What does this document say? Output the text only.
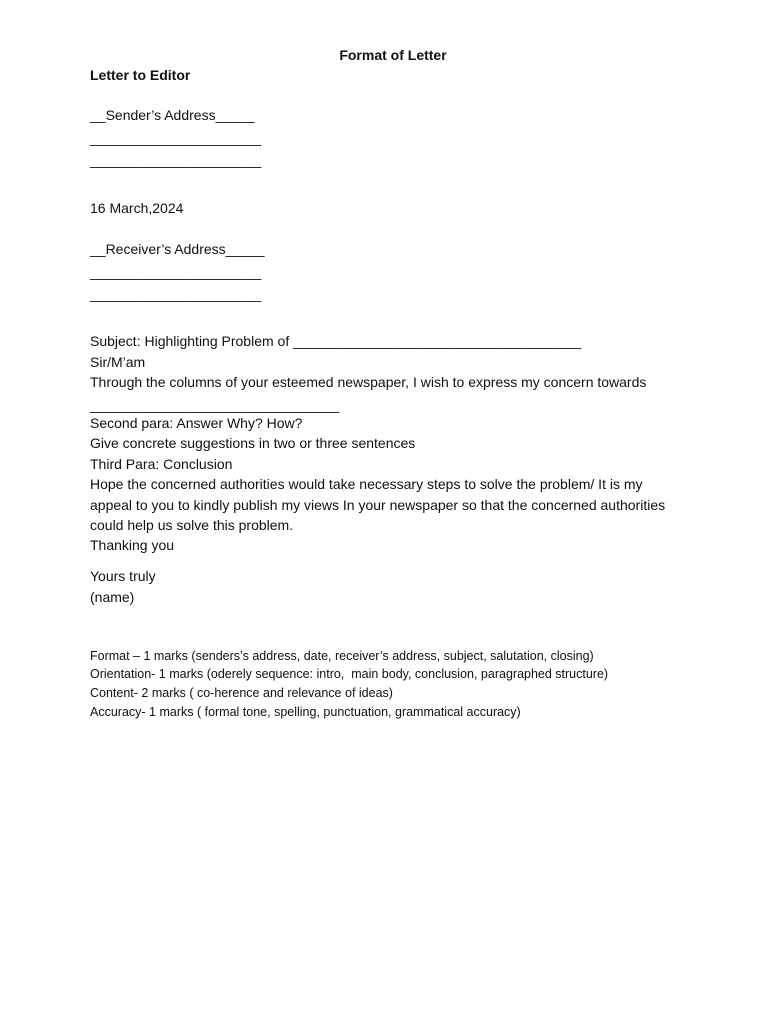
Format of Letter

Letter to Editor

__Sender’s Address_____

______________________

______________________

16 March,2024

__Receiver’s Address_____

______________________

______________________

Subject: Highlighting Problem of _____________________________________

Sir/M’am

Through the columns of your esteemed newspaper, I wish to express my concern towards

________________________________

Second para: Answer Why? How?

Give concrete suggestions in two or three sentences

Third Para: Conclusion

Hope the concerned authorities would take necessary steps to solve the problem/ It is my

appeal to you to kindly publish my views In your newspaper so that the concerned authorities

could help us solve this problem.

Thanking you

Yours truly

(name)

Format – 1 marks (senders’s address, date, receiver’s address, subject, salutation, closing)

Orientation- 1 marks (oderely sequence: intro,  main body, conclusion, paragraphed structure)

Content- 2 marks ( co-herence and relevance of ideas)

Accuracy- 1 marks ( formal tone, spelling, punctuation, grammatical accuracy)
